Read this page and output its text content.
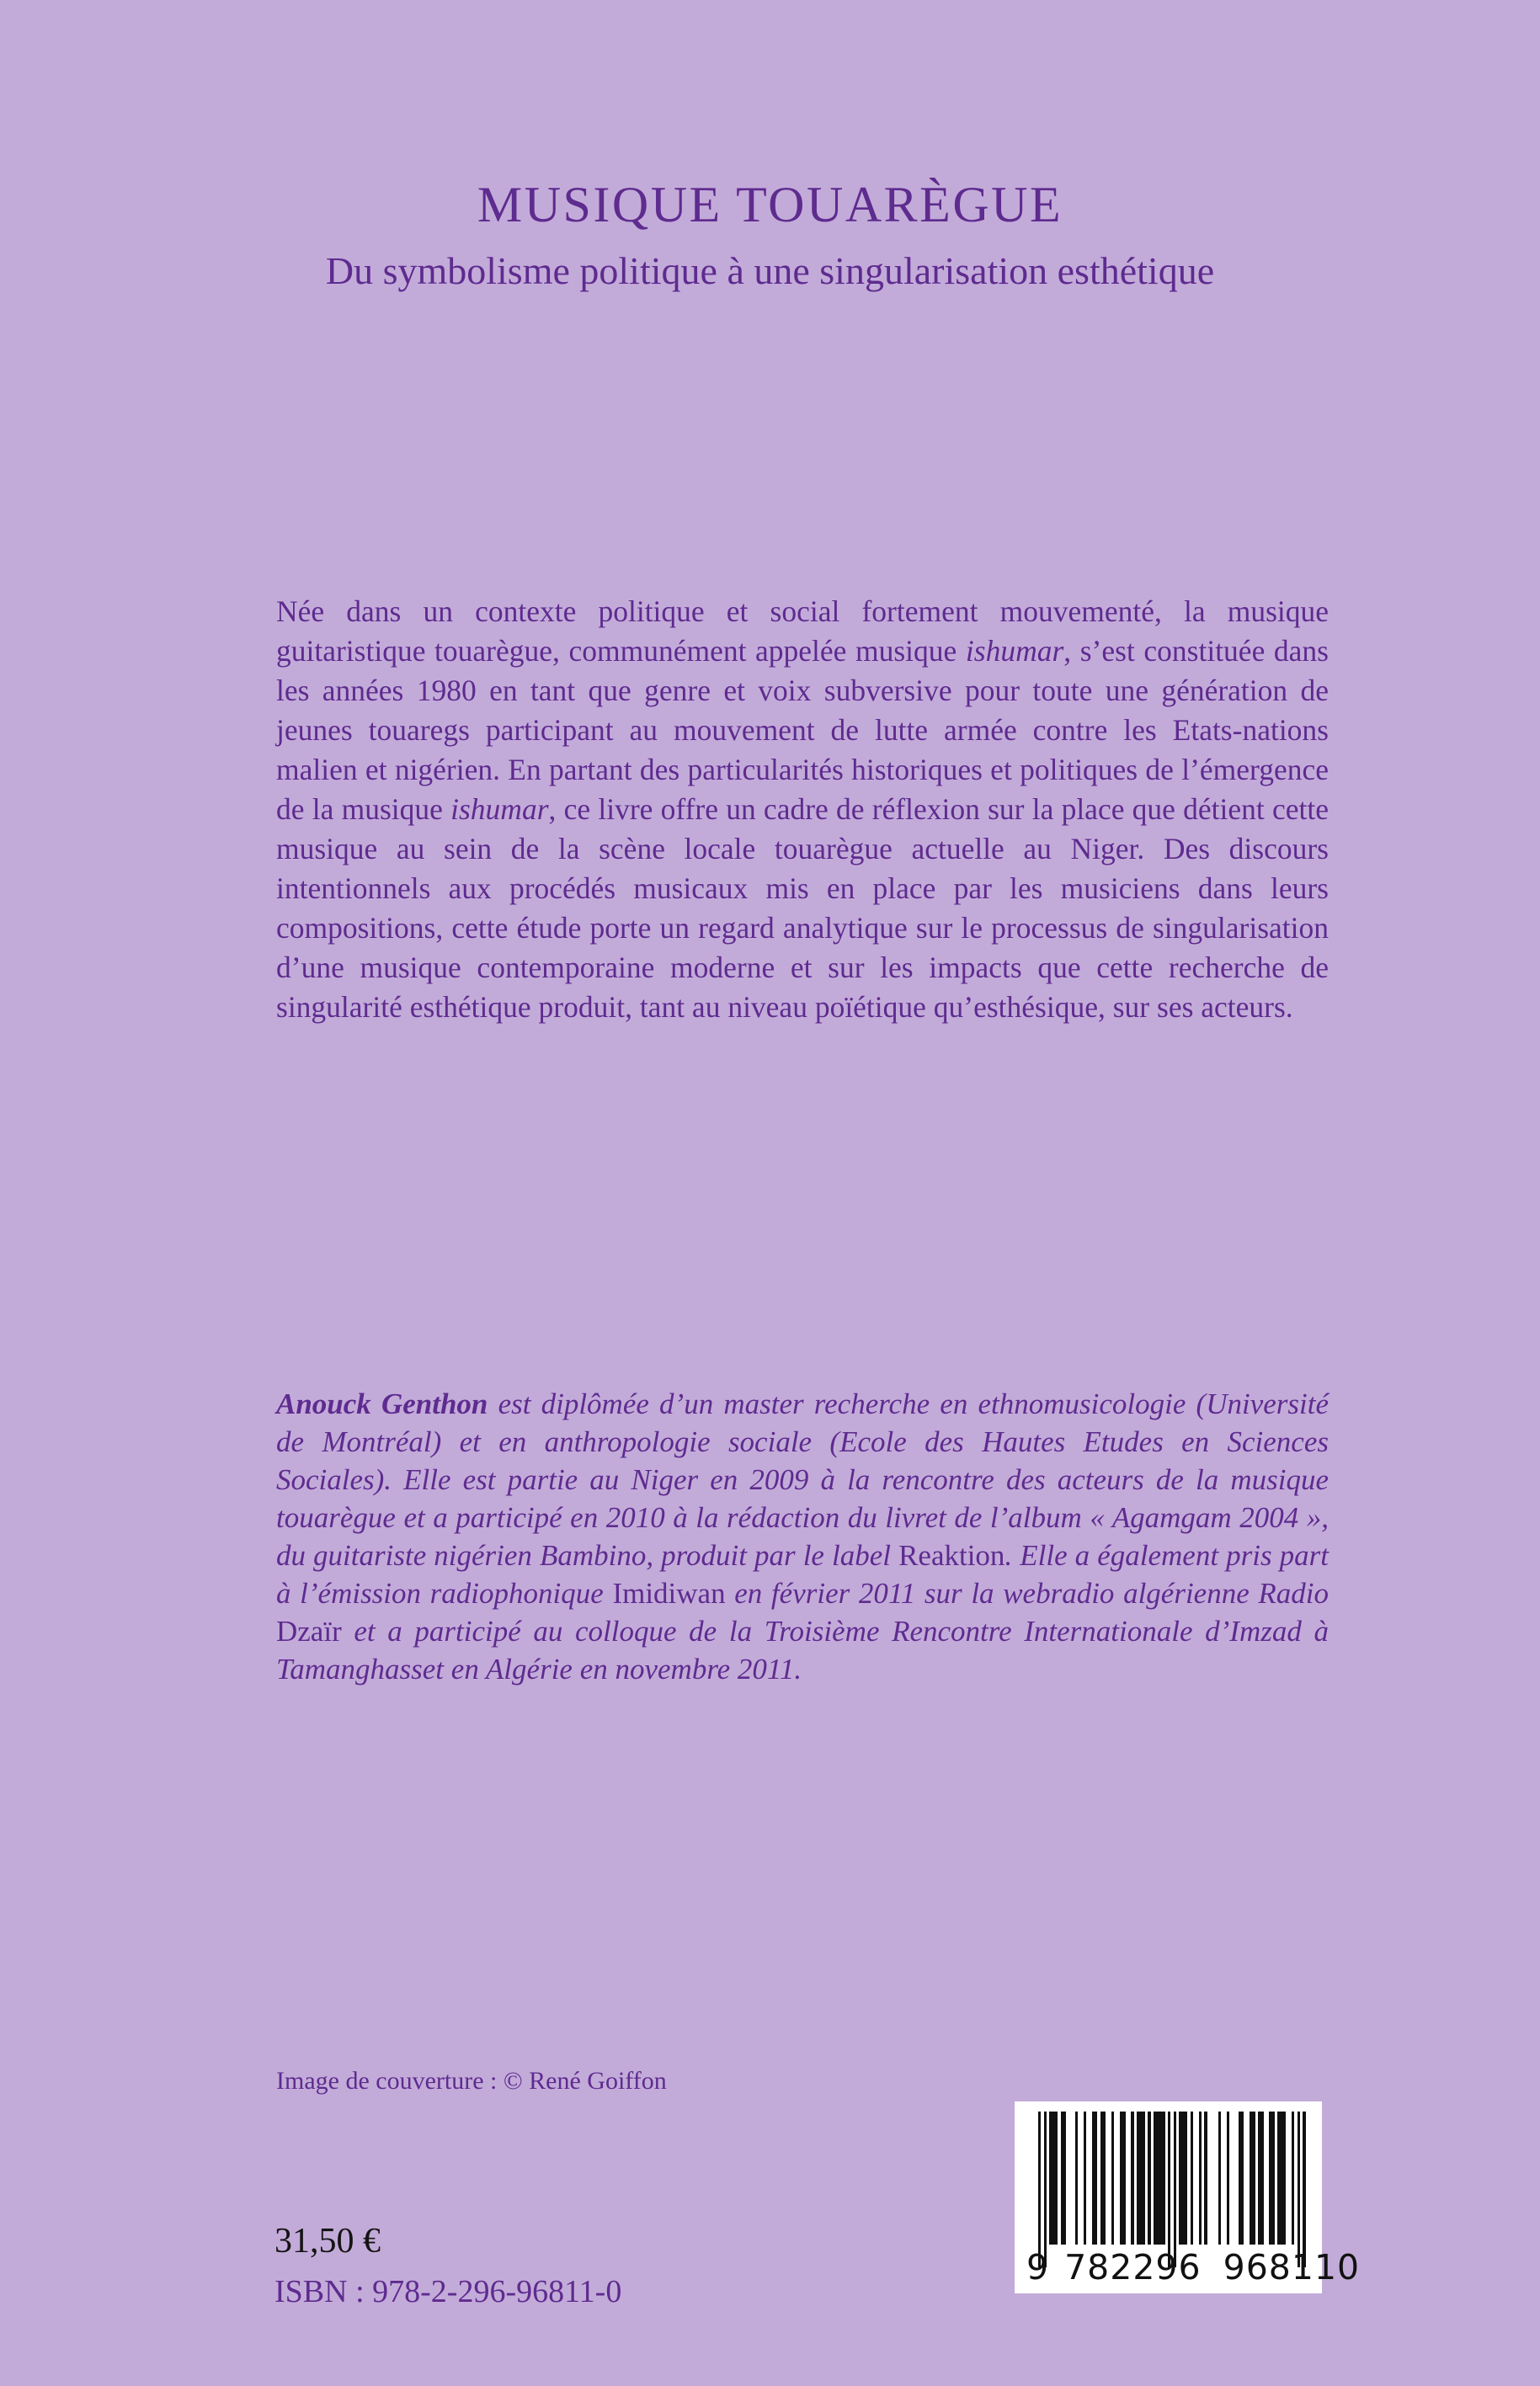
MUSIQUE TOUARÈGUE
Du symbolisme politique à une singularisation esthétique
Née dans un contexte politique et social fortement mouvementé, la musique guitaristique touarègue, communément appelée musique ishumar, s’est constituée dans les années 1980 en tant que genre et voix subversive pour toute une génération de jeunes touaregs participant au mouvement de lutte armée contre les Etats-nations malien et nigérien. En partant des particularités historiques et politiques de l’émergence de la musique ishumar, ce livre offre un cadre de réflexion sur la place que détient cette musique au sein de la scène locale touarègue actuelle au Niger. Des discours intentionnels aux procédés musicaux mis en place par les musiciens dans leurs compositions, cette étude porte un regard analytique sur le processus de singularisation d’une musique contemporaine moderne et sur les impacts que cette recherche de singularité esthétique produit, tant au niveau poïétique qu’esthésique, sur ses acteurs.
Anouck Genthon est diplômée d’un master recherche en ethnomusicologie (Université de Montréal) et en anthropologie sociale (Ecole des Hautes Etudes en Sciences Sociales). Elle est partie au Niger en 2009 à la rencontre des acteurs de la musique touarègue et a participé en 2010 à la rédaction du livret de l’album « Agamgam 2004 », du guitariste nigérien Bambino, produit par le label Reaktion. Elle a également pris part à l’émission radiophonique Imidiwan en février 2011 sur la webradio algérienne Radio Dzaïr et a participé au colloque de la Troisième Rencontre Internationale d’Imzad à Tamanghasset en Algérie en novembre 2011.
Image de couverture : © René Goiffon
31,50 €
ISBN : 978-2-296-96811-0
9 782296 968110
